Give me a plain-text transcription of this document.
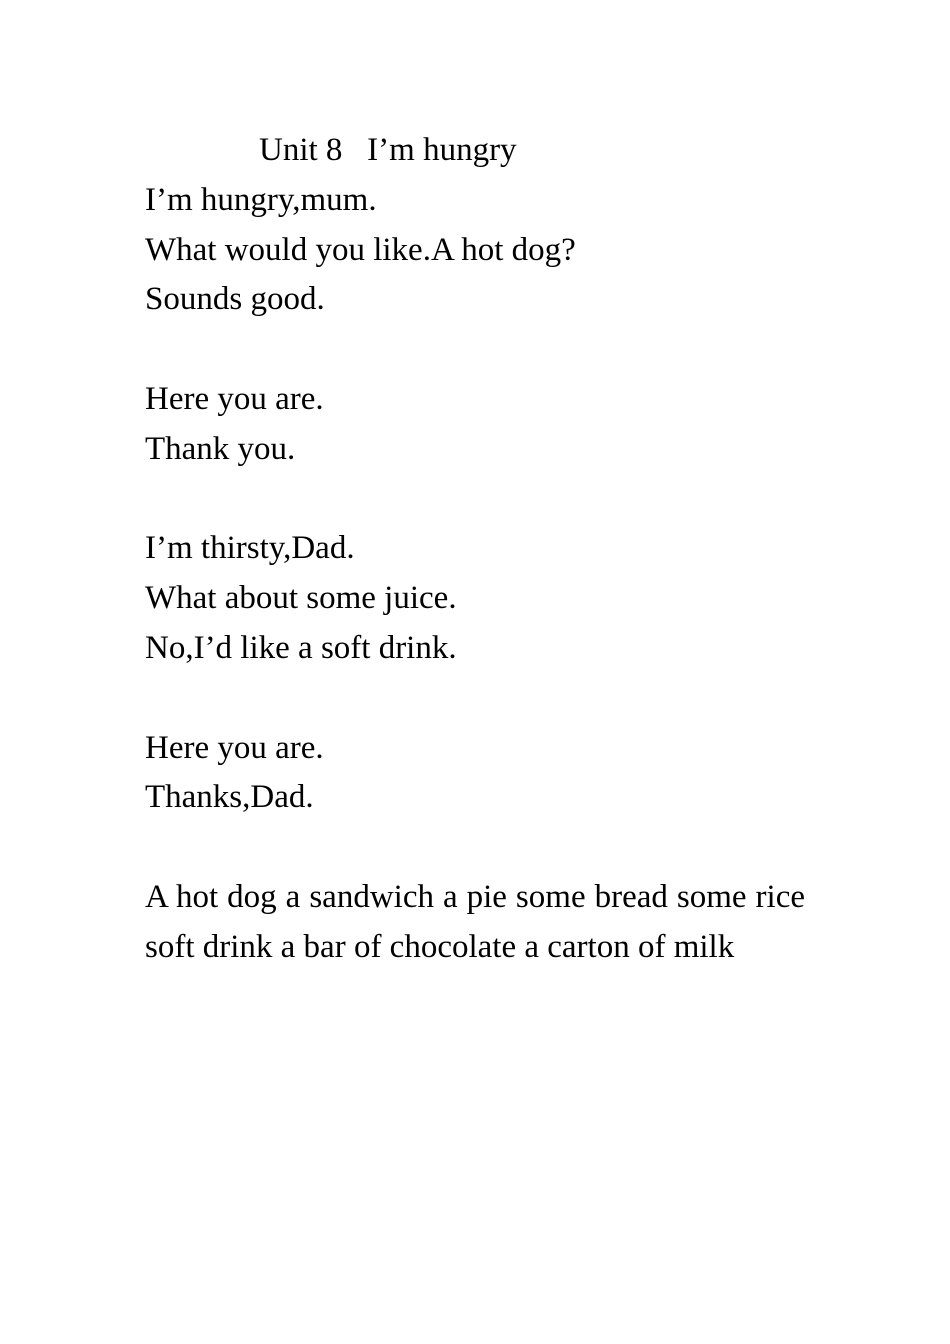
Unit 8   I’m hungry
I’m hungry,mum.
What would you like.A hot dog?
Sounds good.
Here you are.
Thank you.
I’m thirsty,Dad.
What about some juice.
No,I’d like a soft drink.
Here you are.
Thanks,Dad.
A hot dog a sandwich a pie some bread some rice soft drink a bar of chocolate a carton of milk
